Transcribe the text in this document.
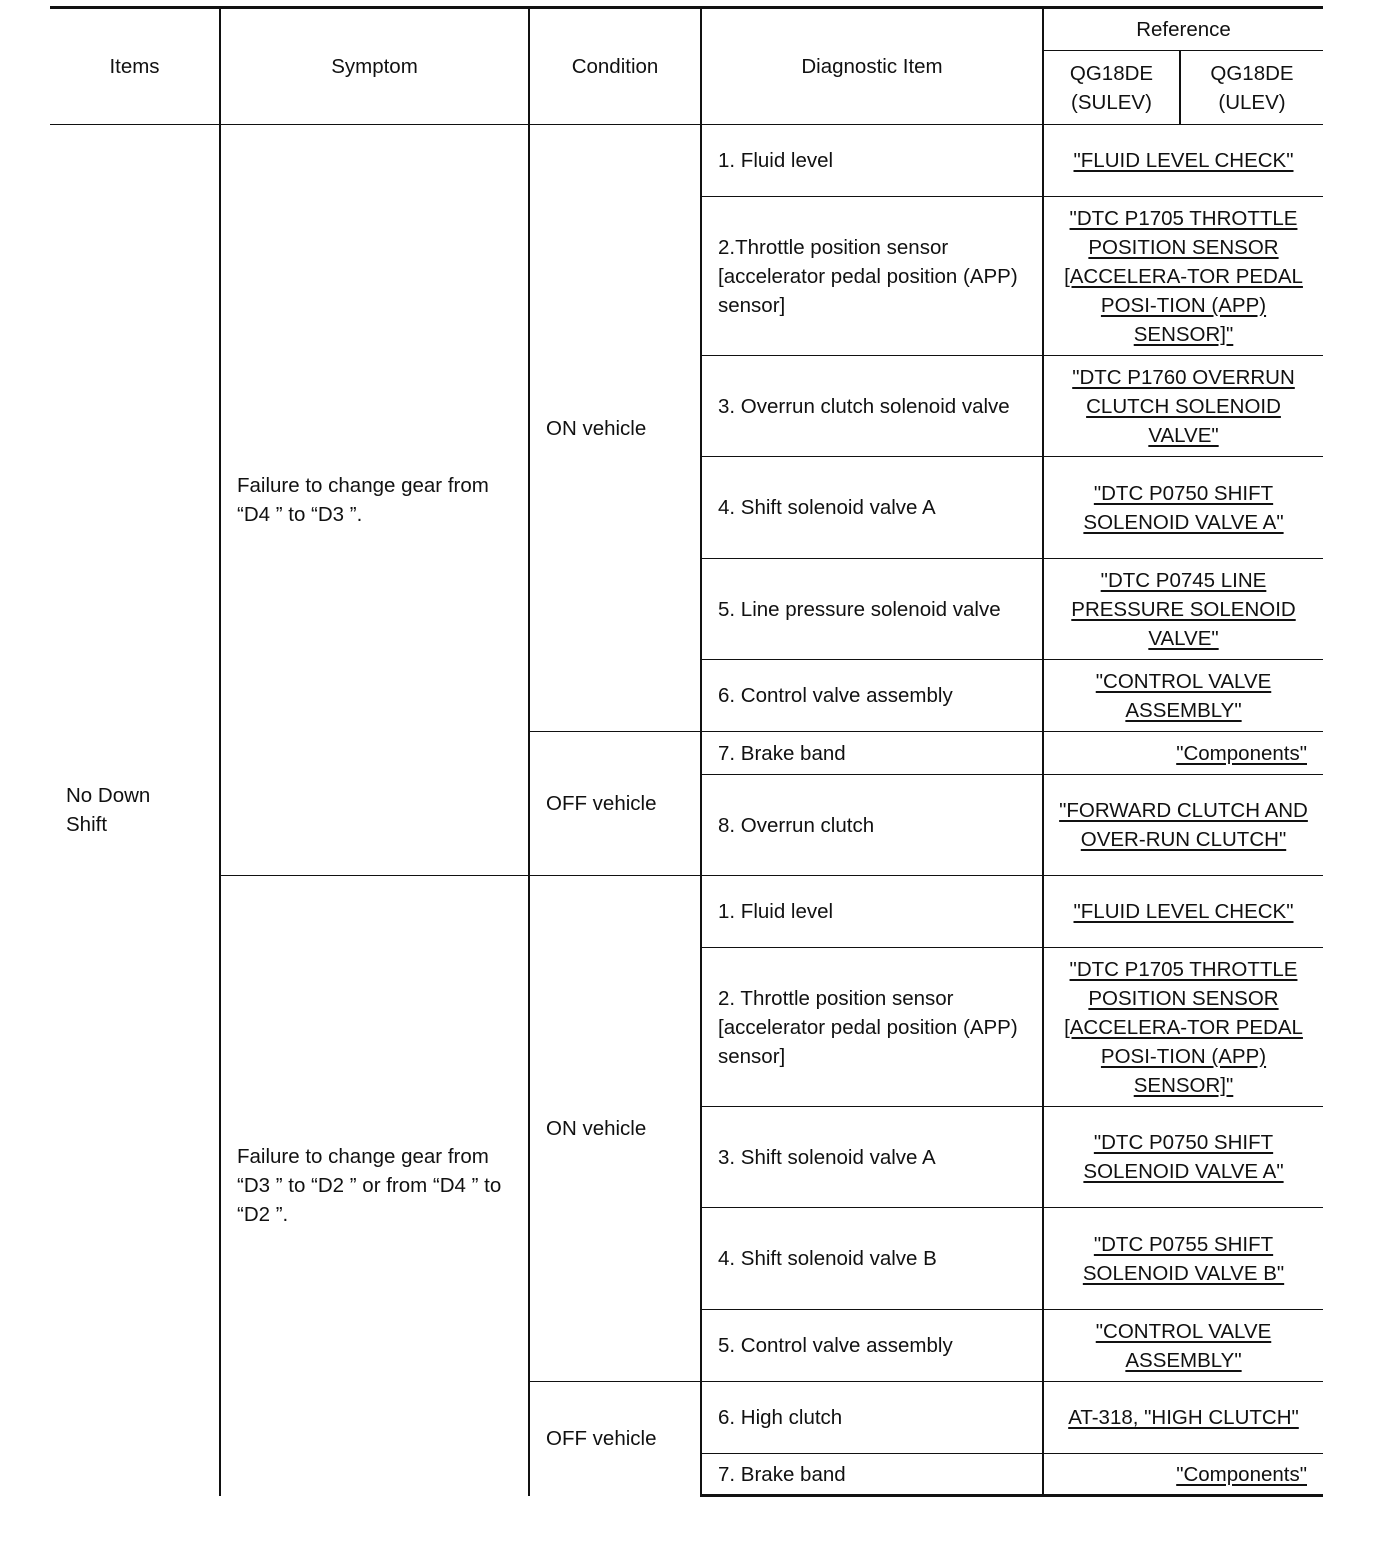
Items	Symptom	Condition	Diagnostic Item	Reference	
				QG18DE (SULEV)	QG18DE (ULEV)
No Down Shift	Failure to change gear from “D4 ” to “D3 ”.	ON vehicle	1. Fluid level	"FLUID LEVEL CHECK"	
			2.Throttle position sensor [accelerator pedal position (APP) sensor]	"DTC P1705 THROTTLE POSITION SENSOR [ACCELERA-TOR PEDAL POSI-TION (APP) SENSOR]"	
			3. Overrun clutch solenoid valve	"DTC P1760 OVERRUN CLUTCH SOLENOID VALVE"	
			4. Shift solenoid valve A	"DTC P0750 SHIFT SOLENOID VALVE A"	
			5. Line pressure solenoid valve	"DTC P0745 LINE PRESSURE SOLENOID VALVE"	
			6. Control valve assembly	"CONTROL VALVE ASSEMBLY"	
		OFF vehicle	7. Brake band	"Components"	
			8. Overrun clutch	"FORWARD CLUTCH AND OVER-RUN CLUTCH"	
	Failure to change gear from “D3 ” to “D2 ” or from “D4 ” to “D2 ”.	ON vehicle	1. Fluid level	"FLUID LEVEL CHECK"	
			2. Throttle position sensor [accelerator pedal position (APP) sensor]	"DTC P1705 THROTTLE POSITION SENSOR [ACCELERA-TOR PEDAL POSI-TION (APP) SENSOR]"	
			3. Shift solenoid valve A	"DTC P0750 SHIFT SOLENOID VALVE A"	
			4. Shift solenoid valve B	"DTC P0755 SHIFT SOLENOID VALVE B"	
			5. Control valve assembly	"CONTROL VALVE ASSEMBLY"	
		OFF vehicle	6. High clutch	AT-318, "HIGH CLUTCH"	
			7. Brake band	"Components"	
